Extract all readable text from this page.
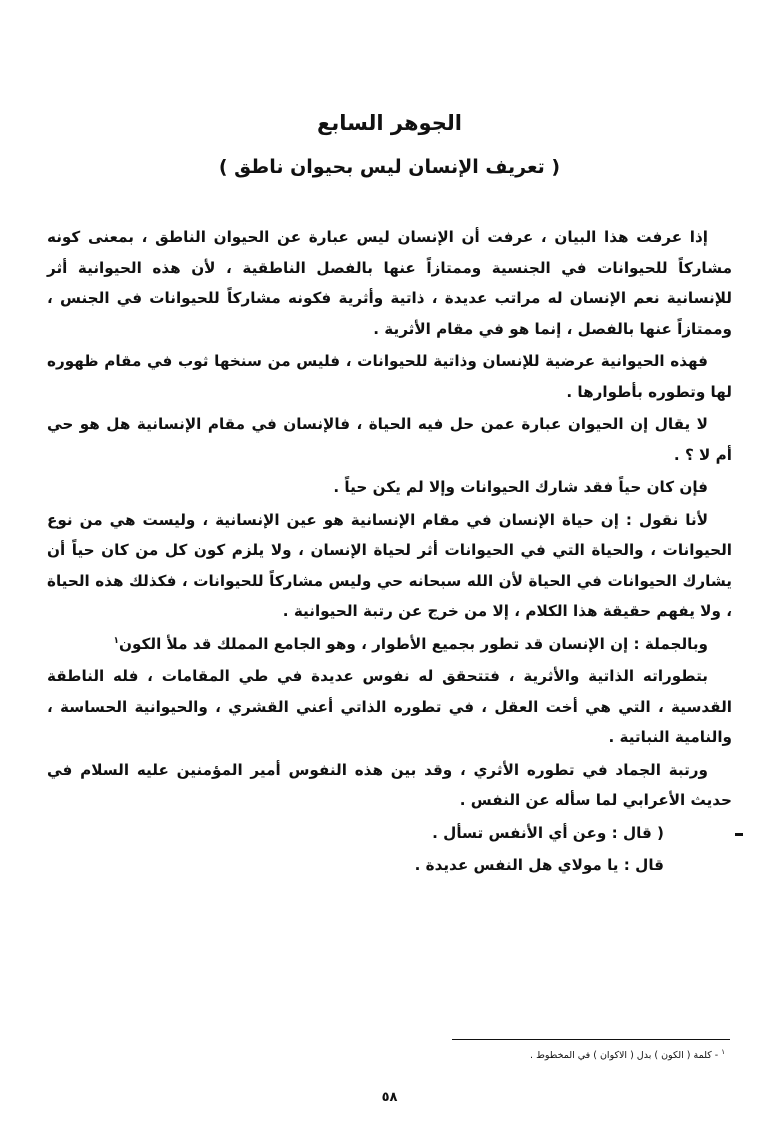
الجوهر السابع
( تعريف الإنسان ليس بحيوان ناطق )

إذا عرفت هذا البيان ، عرفت أن الإنسان ليس عبارة عن الحيوان الناطق ، بمعنى كونه مشاركاً للحيوانات في الجنسية وممتازاً عنها بالفصل الناطقية ، لأن هذه الحيوانية أثر للإنسانية نعم الإنسان له مراتب عديدة ، ذاتية وأثرية فكونه مشاركاً للحيوانات في الجنس ، وممتازاً عنها بالفصل ، إنما هو في مقام الأثرية .

فهذه الحيوانية عرضية للإنسان وذاتية للحيوانات ، فليس من سنخها ثوب في مقام ظهوره لها وتطوره بأطوارها .

لا يقال إن الحيوان عبارة عمن حل فيه الحياة ، فالإنسان في مقام الإنسانية هل هو حي أم لا ؟ .

فإن كان حياً فقد شارك الحيوانات وإلا لم يكن حياً .

لأنا نقول : إن حياة الإنسان في مقام الإنسانية هو عين الإنسانية ، وليست هي من نوع الحيوانات ، والحياة التي في الحيوانات أثر لحياة الإنسان ، ولا يلزم كون كل من كان حياً أن يشارك الحيوانات في الحياة لأن الله سبحانه حي وليس مشاركاً للحيوانات ، فكذلك هذه الحياة ، ولا يفهم حقيقة هذا الكلام ، إلا من خرج عن رتبة الحيوانية .

وبالجملة : إن الإنسان قد تطور بجميع الأطوار ، وهو الجامع المملك قد ملأ الكون$^١$

بتطوراته الذاتية والأثرية ، فتتحقق له نفوس عديدة في طي المقامات ، فله الناطقة القدسية ، التي هي أخت العقل ، في تطوره الذاتي أعني القشري ، والحيوانية الحساسة ، والنامية النباتية .

ورتبة الجماد في تطوره الأثري ، وقد بين هذه النفوس أمير المؤمنين عليه السلام في حديث الأعرابي لما سأله عن النفس .

( قال : وعن أي الأنفس تسأل .

قال : يا مولاي هل النفس عديدة .

$^١$ - كلمة ( الكون ) بدل ( الاكوان ) في المخطوط .
٥٨
